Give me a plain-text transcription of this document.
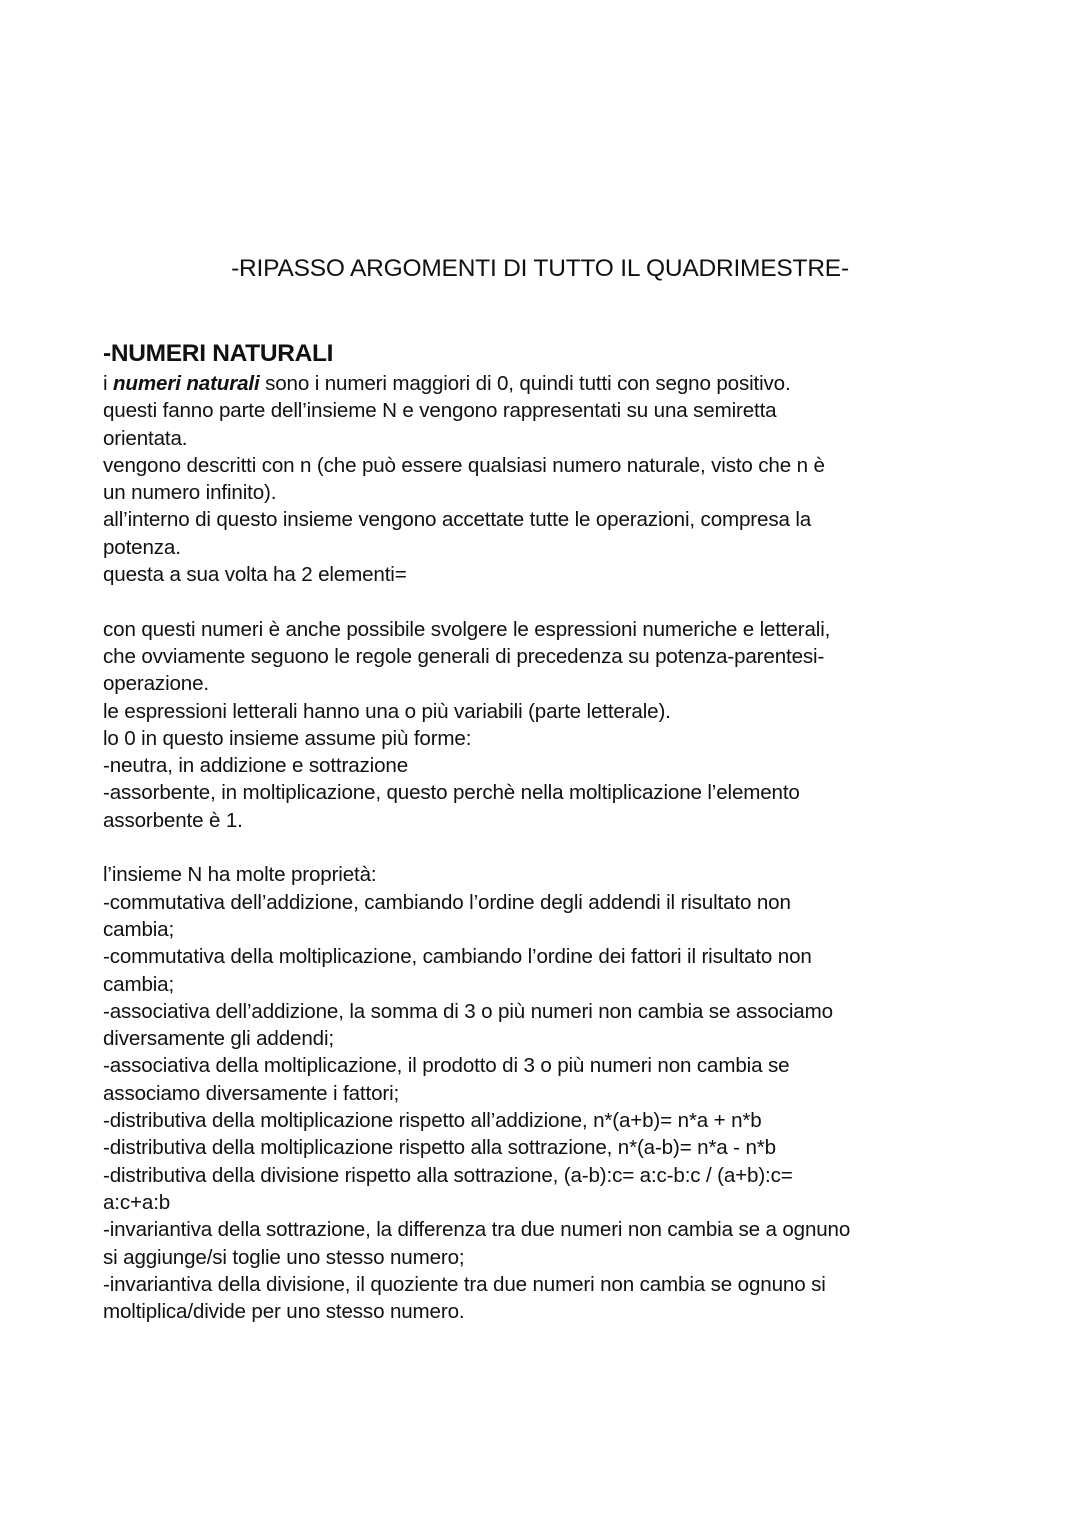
-RIPASSO ARGOMENTI DI TUTTO IL QUADRIMESTRE-
-NUMERI NATURALI
i numeri naturali sono i numeri maggiori di 0, quindi tutti con segno positivo.
questi fanno parte dell’insieme N e vengono rappresentati su una semiretta
orientata.
vengono descritti con n (che può essere qualsiasi numero naturale, visto che n è
un numero infinito).
all’interno di questo insieme vengono accettate tutte le operazioni, compresa la
potenza.
questa a sua volta ha 2 elementi=
con questi numeri è anche possibile svolgere le espressioni numeriche e letterali,
che ovviamente seguono le regole generali di precedenza su potenza-parentesi-
operazione.
le espressioni letterali hanno una o più variabili (parte letterale).
lo 0 in questo insieme assume più forme:
-neutra, in addizione e sottrazione
-assorbente, in moltiplicazione, questo perchè nella moltiplicazione l’elemento
assorbente è 1.
l’insieme N ha molte proprietà:
-commutativa dell’addizione, cambiando l’ordine degli addendi il risultato non
cambia;
-commutativa della moltiplicazione, cambiando l’ordine dei fattori il risultato non
cambia;
-associativa dell’addizione, la somma di 3 o più numeri non cambia se associamo
diversamente gli addendi;
-associativa della moltiplicazione, il prodotto di 3 o più numeri non cambia se
associamo diversamente i fattori;
-distributiva della moltiplicazione rispetto all’addizione, n*(a+b)= n*a + n*b
-distributiva della moltiplicazione rispetto alla sottrazione, n*(a-b)= n*a - n*b
-distributiva della divisione rispetto alla sottrazione, (a-b):c= a:c-b:c / (a+b):c=
a:c+a:b
-invariantiva della sottrazione, la differenza tra due numeri non cambia se a ognuno
si aggiunge/si toglie uno stesso numero;
-invariantiva della divisione, il quoziente tra due numeri non cambia se ognuno si
moltiplica/divide per uno stesso numero.
